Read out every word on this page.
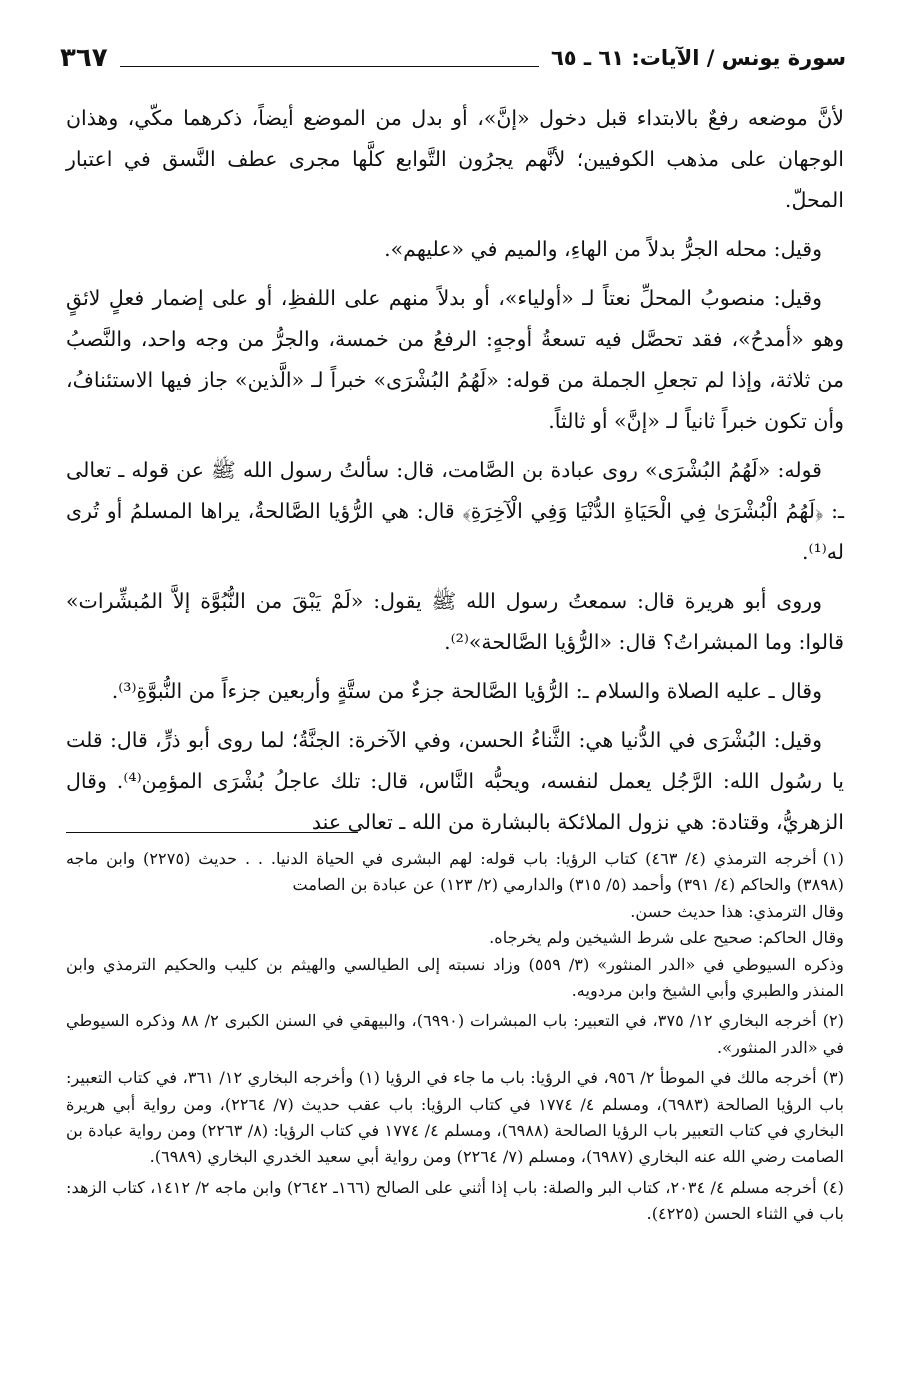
سورة يونس / الآيات: ٦١ ـ ٦٥
٣٦٧

لأنَّ موضعه رفعٌ بالابتداء قبل دخول «إنَّ»، أو بدل من الموضع أيضاً، ذكرهما مكّي، وهذان الوجهان على مذهب الكوفيين؛ لأنَّهم يجرُون التَّوابع كلَّها مجرى عطف النَّسق في اعتبار المحلّ.

وقيل: محله الجرُّ بدلاً من الهاءِ، والميم في «عليهم».

وقيل: منصوبُ المحلِّ نعتاً لـ «أولياء»، أو بدلاً منهم على اللفظِ، أو على إضمار فعلٍ لائقٍ وهو «أمدحُ»، فقد تحصَّل فيه تسعةُ أوجهٍ: الرفعُ من خمسة، والجرُّ من وجه واحد، والنَّصبُ من ثلاثة، وإذا لم تجعلِ الجملة من قوله: «لَهُمُ البُشْرَى» خبراً لـ «الَّذين» جاز فيها الاستئنافُ، وأن تكون خبراً ثانياً لـ «إنَّ» أو ثالثاً.

قوله: «لَهُمُ البُشْرَى» روى عبادة بن الصَّامت، قال: سألتُ رسول الله ﷺ عن قوله ـ تعالى ـ: ﴿لَهُمُ الْبُشْرَىٰ فِي الْحَيَاةِ الدُّنْيَا وَفِي الْآخِرَةِ﴾ قال: هي الرُّؤيا الصَّالحةُ، يراها المسلمُ أو تُرى له⁽¹⁾.

وروى أبو هريرة قال: سمعتُ رسول الله ﷺ يقول: «لَمْ يَبْقَ من النُّبُوَّة إلاَّ المُبشِّرات» قالوا: وما المبشراتُ؟ قال: «الرُّؤيا الصَّالحة»⁽²⁾.

وقال ـ عليه الصلاة والسلام ـ: الرُّؤيا الصَّالحة جزءٌ من ستَّةٍ وأربعين جزءاً من النُّبوَّةِ⁽³⁾.

وقيل: البُشْرَى في الدُّنيا هي: الثَّناءُ الحسن، وفي الآخرة: الجنَّةُ؛ لما روى أبو ذرٍّ، قال: قلت يا رسُول الله: الرَّجُل يعمل لنفسه، ويحبُّه النَّاس، قال: تلك عاجلُ بُشْرَى المؤمِن⁽⁴⁾. وقال الزهريُّ، وقتادة: هي نزول الملائكة بالبشارة من الله ـ تعالى عند

(١)أخرجه الترمذي (٤/ ٤٦٣) كتاب الرؤيا: باب قوله: لهم البشرى في الحياة الدنيا. . . حديث (٢٢٧٥) وابن ماجه (٣٨٩٨) والحاكم (٤/ ٣٩١) وأحمد (٥/ ٣١٥) والدارمي (٢/ ١٢٣) عن عبادة بن الصامت
وقال الترمذي: هذا حديث حسن.
وقال الحاكم: صحيح على شرط الشيخين ولم يخرجاه.
وذكره السيوطي في «الدر المنثور» (٣/ ٥٥٩) وزاد نسبته إلى الطيالسي والهيثم بن كليب والحكيم الترمذي وابن المنذر والطبري وأبي الشيخ وابن مردويه.
(٢)أخرجه البخاري ١٢/ ٣٧٥، في التعبير: باب المبشرات (٦٩٩٠)، والبيهقي في السنن الكبرى ٢/ ٨٨ وذكره السيوطي في «الدر المنثور».
(٣)أخرجه مالك في الموطأ ٢/ ٩٥٦، في الرؤيا: باب ما جاء في الرؤيا (١) وأخرجه البخاري ١٢/ ٣٦١، في كتاب التعبير: باب الرؤيا الصالحة (٦٩٨٣)، ومسلم ٤/ ١٧٧٤ في كتاب الرؤيا: باب عقب حديث (٧/ ٢٢٦٤)، ومن رواية أبي هريرة البخاري في كتاب التعبير باب الرؤيا الصالحة (٦٩٨٨)، ومسلم ٤/ ١٧٧٤ في كتاب الرؤيا: (٨/ ٢٢٦٣) ومن رواية عبادة بن الصامت رضي الله عنه البخاري (٦٩٨٧)، ومسلم (٧/ ٢٢٦٤) ومن رواية أبي سعيد الخدري البخاري (٦٩٨٩).
(٤)أخرجه مسلم ٤/ ٢٠٣٤، كتاب البر والصلة: باب إذا أثني على الصالح (١٦٦ـ ٢٦٤٢) وابن ماجه ٢/ ١٤١٢، كتاب الزهد: باب في الثناء الحسن (٤٢٢٥).
